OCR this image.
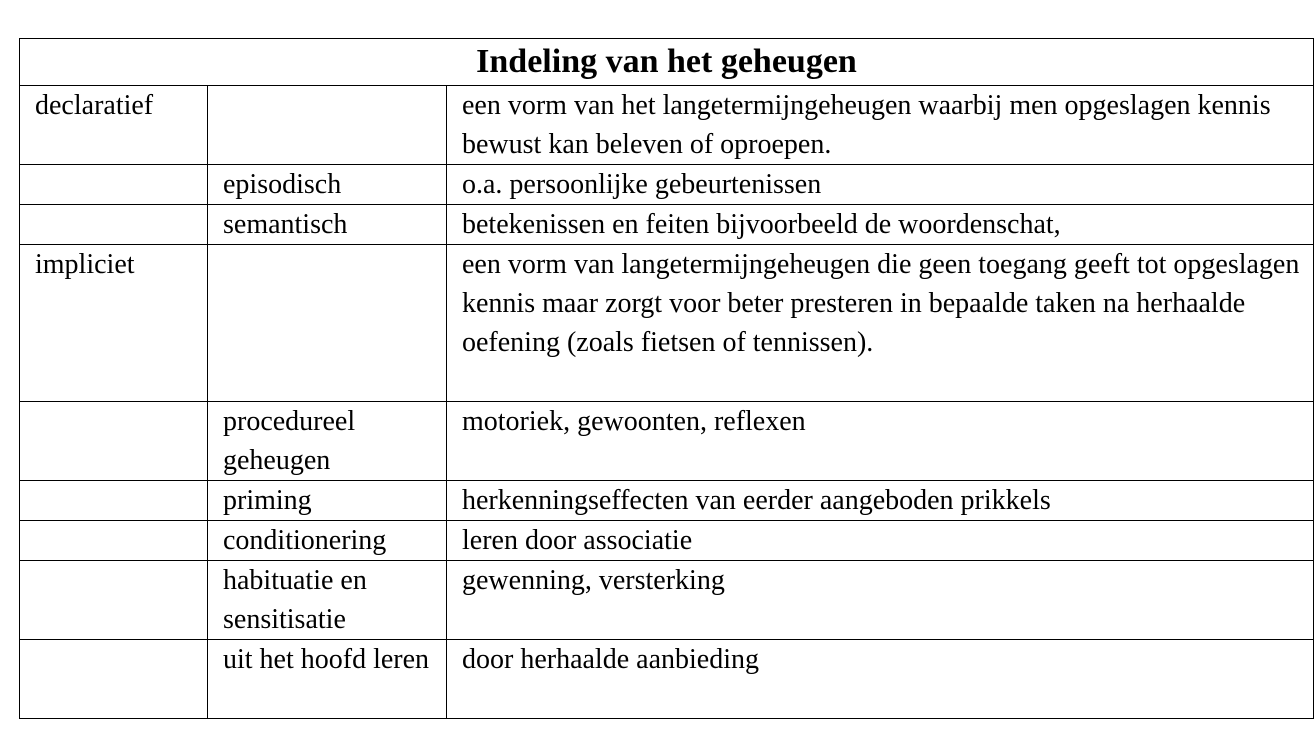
Indeling van het geheugen		
declaratief		een vorm van het langetermijngeheugen waarbij men opgeslagen kennis bewust kan beleven of oproepen.
	episodisch	o.a. persoonlijke gebeurtenissen
	semantisch	betekenissen en feiten bijvoorbeeld de woordenschat,
impliciet		een vorm van langetermijngeheugen die geen toegang geeft tot opgeslagen kennis maar zorgt voor beter presteren in bepaalde taken na herhaalde oefening (zoals fietsen of tennissen).
	procedureel geheugen	motoriek, gewoonten, reflexen
	priming	herkenningseffecten van eerder aangeboden prikkels
	conditionering	leren door associatie
	habituatie en sensitisatie	gewenning, versterking
	uit het hoofd leren	door herhaalde aanbieding
